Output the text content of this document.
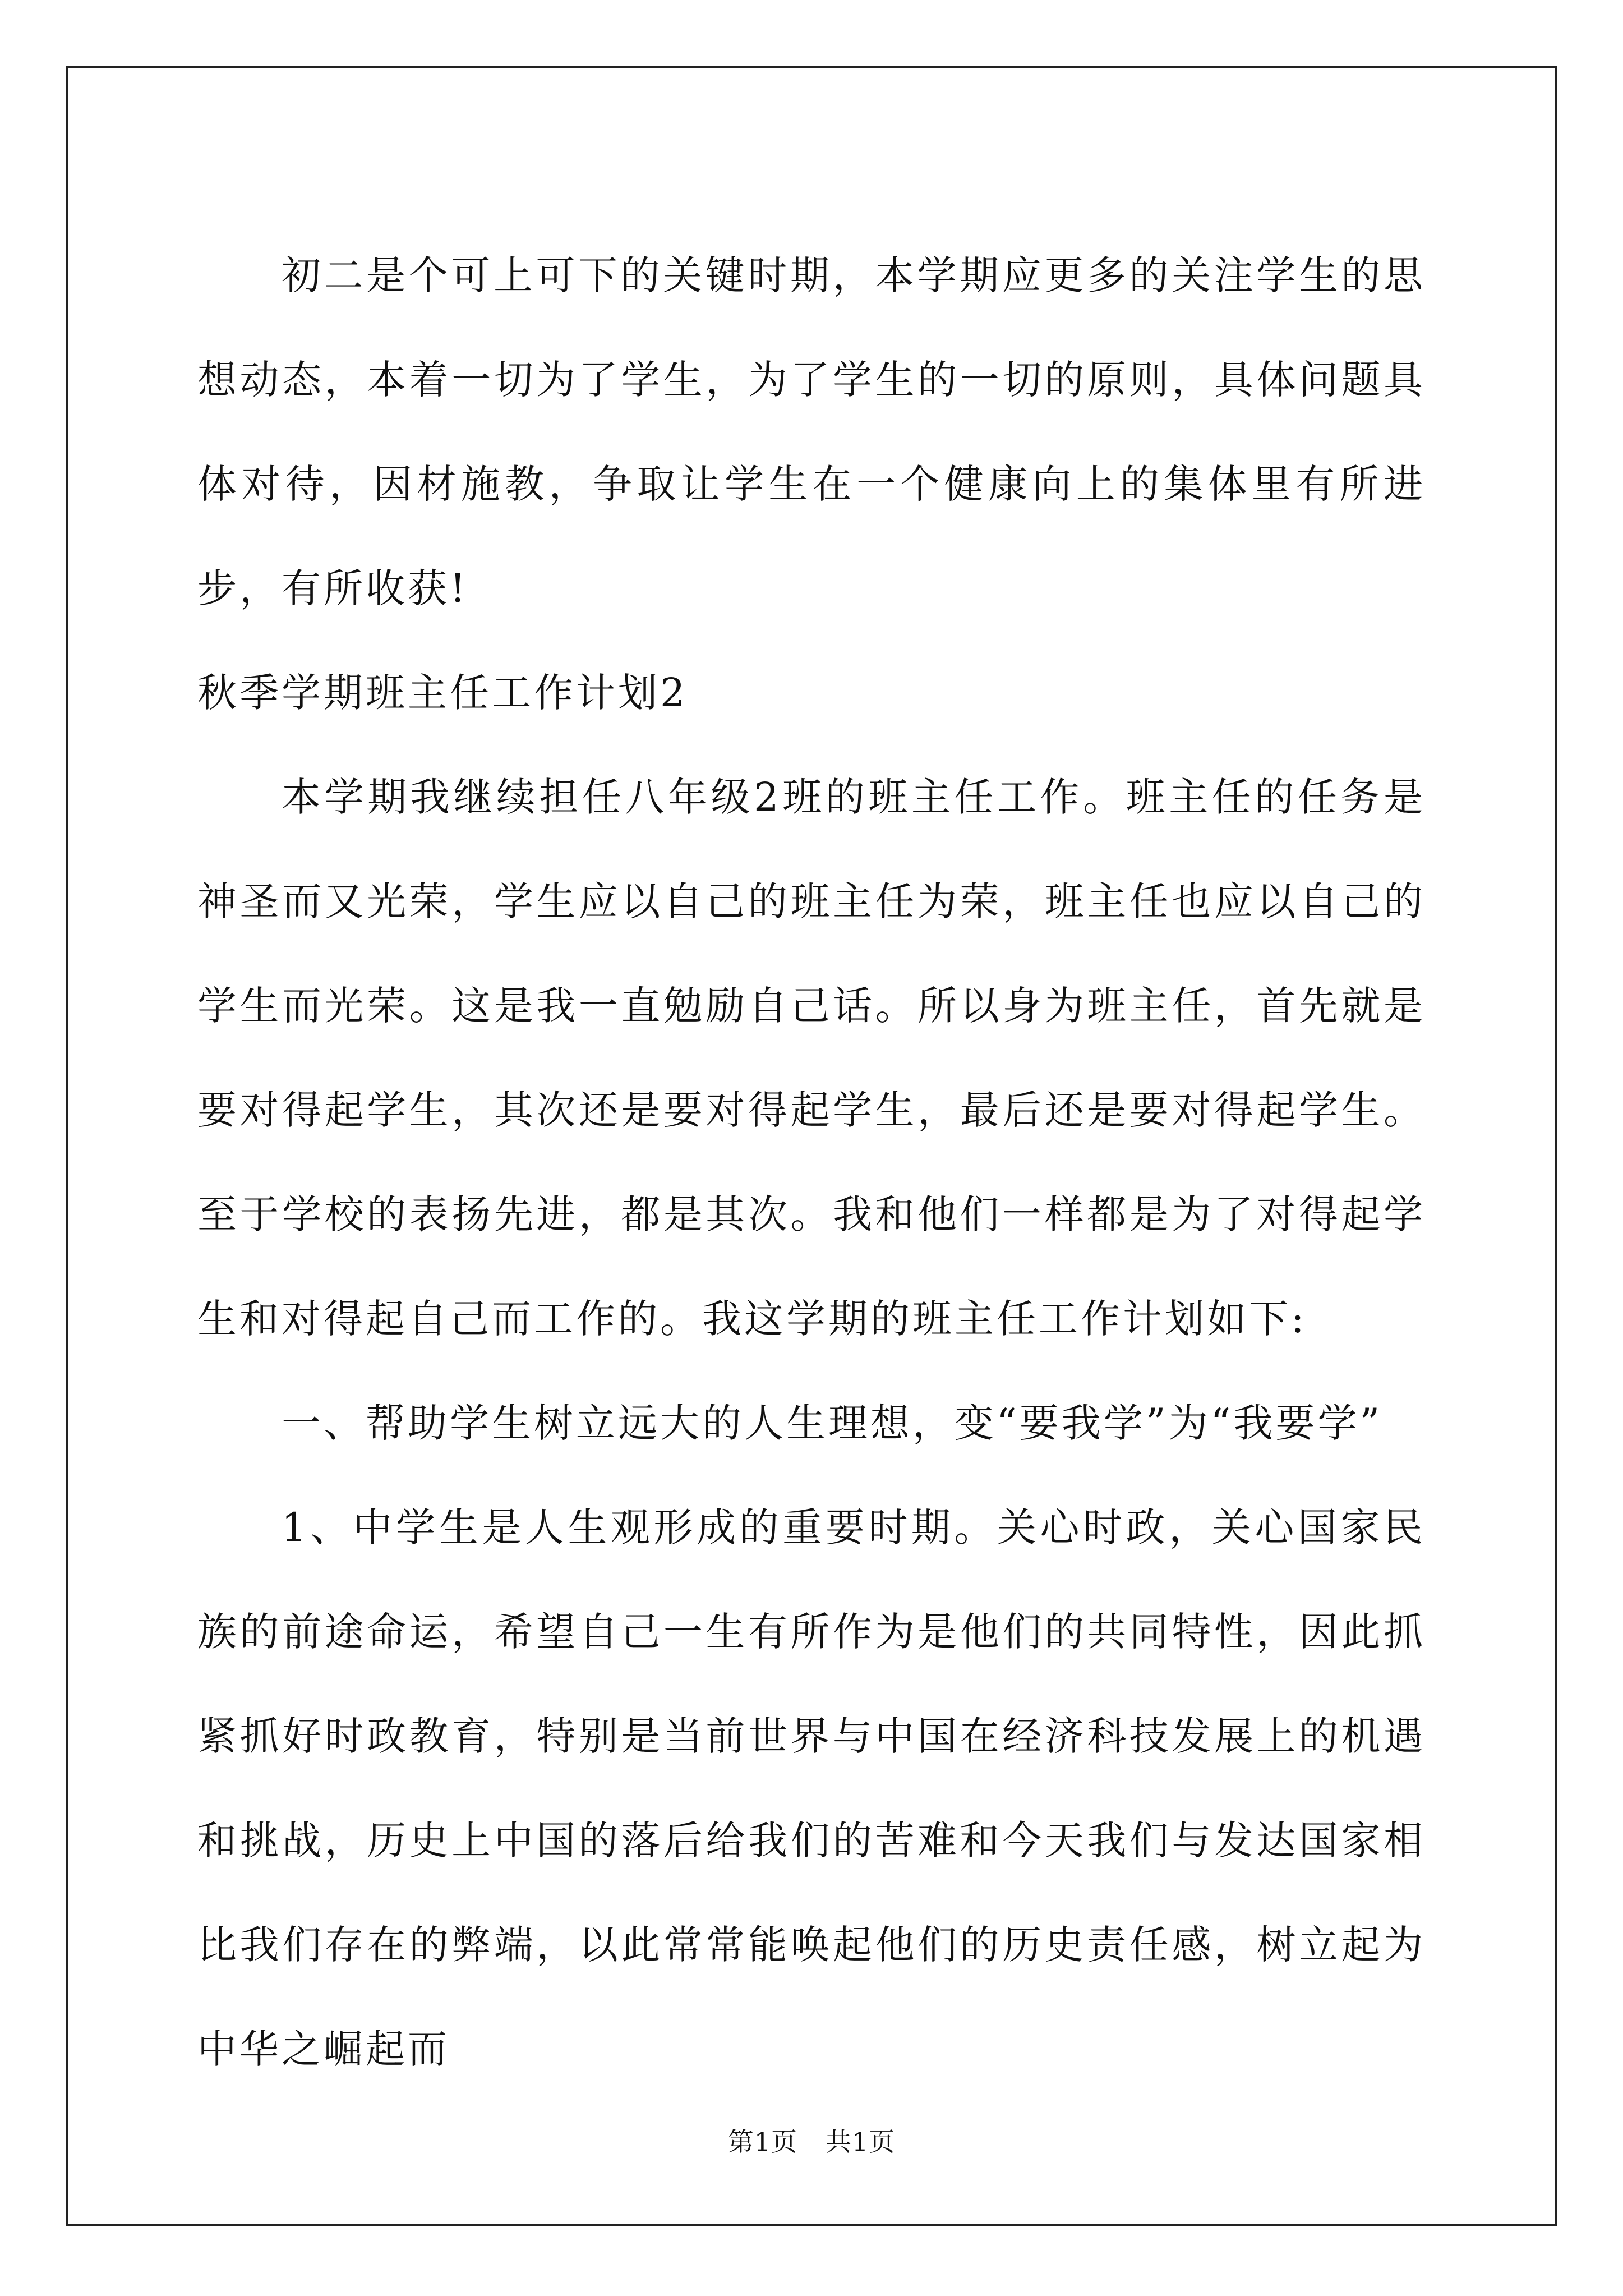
初二是个可上可下的关键时期，本学期应更多的关注学生的思想动态，本着一切为了学生，为了学生的一切的原则，具体问题具体对待，因材施教，争取让学生在一个健康向上的集体里有所进步，有所收获!

秋季学期班主任工作计划2

本学期我继续担任八年级2班的班主任工作。班主任的任务是神圣而又光荣，学生应以自己的班主任为荣，班主任也应以自己的学生而光荣。这是我一直勉励自己话。所以身为班主任，首先就是要对得起学生，其次还是要对得起学生，最后还是要对得起学生。至于学校的表扬先进，都是其次。我和他们一样都是为了对得起学生和对得起自己而工作的。我这学期的班主任工作计划如下:

一、帮助学生树立远大的人生理想，变“要我学”为“我要学”

1、中学生是人生观形成的重要时期。关心时政，关心国家民族的前途命运，希望自己一生有所作为是他们的共同特性，因此抓紧抓好时政教育，特别是当前世界与中国在经济科技发展上的机遇和挑战，历史上中国的落后给我们的苦难和今天我们与发达国家相比我们存在的弊端，以此常常能唤起他们的历史责任感，树立起为中华之崛起而

第1页 共1页
